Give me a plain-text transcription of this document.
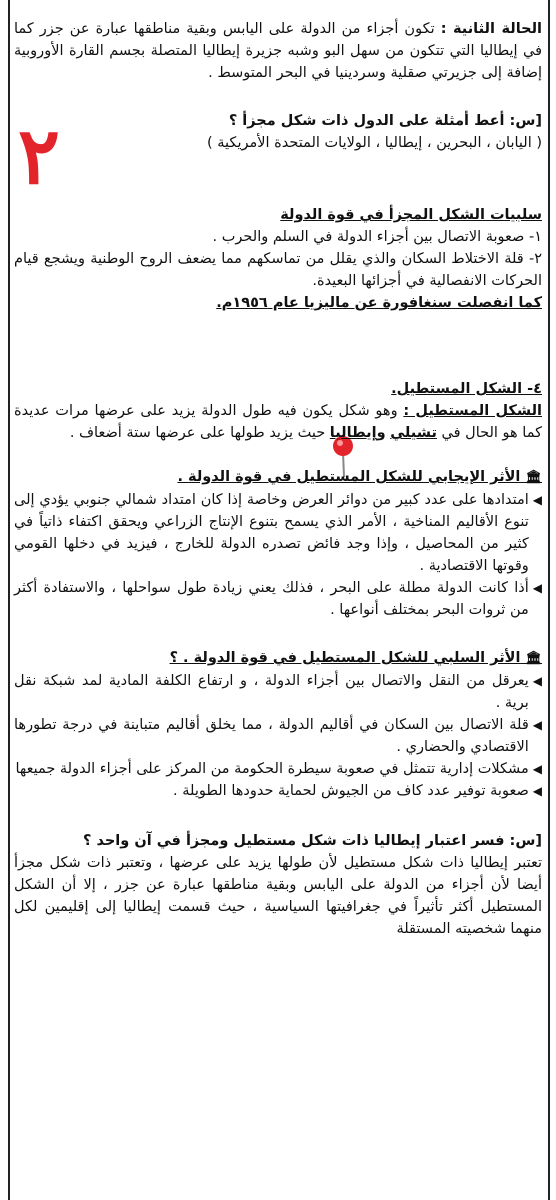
٢

الحالة الثانية : تكون أجزاء من الدولة على اليابس وبقية مناطقها عبارة عن جزر كما في إيطاليا التي تتكون من سهل البو وشبه جزيرة إيطاليا المتصلة بجسم القارة الأوروبية إضافة إلى جزيرتي صقلية وسردينيا في البحر المتوسط .

[س: أعط أمثلة على الدول ذات شكل مجزأ ؟

( اليابان ، البحرين ، إيطاليا ، الولايات المتحدة الأمريكية )

سلبيات الشكل المجزأ في قوة الدولة

١- صعوبة الاتصال بين أجزاء الدولة في السلم والحرب .

٢- قلة الاختلاط السكان والذي يقلل من تماسكهم مما يضعف الروح الوطنية ويشجع قيام الحركات الانفصالية في أجزائها البعيدة.

كما انفصلت سنغافورة عن ماليزيا عام ١٩٥٦م.

٤- الشكل المستطيل.

الشكل المستطيل : وهو شكل يكون فيه طول الدولة يزيد على عرضها مرات عديدة كما هو الحال في تشيلي وإيطاليا حيث يزيد طولها على عرضها ستة أضعاف .

🏛 الأثر الإيجابي للشكل المستطيل في قوة الدولة .

◀
امتدادها على عدد كبير من دوائر العرض وخاصة إذا كان امتداد شمالي جنوبي يؤدي إلى تنوع الأقاليم المناخية ، الأمر الذي يسمح بتنوع الإنتاج الزراعي ويحقق اكتفاء ذاتياً في كثير من المحاصيل ، وإذا وجد فائض تصدره الدولة للخارج ، فيزيد في دخلها القومي وقوتها الاقتصادية .
◀
أذا كانت الدولة مطلة على البحر ، فذلك يعني زيادة طول سواحلها ، والاستفادة أكثر من ثروات البحر بمختلف أنواعها .

🏛 الأثر السلبي للشكل المستطيل في قوة الدولة . ؟

◀
يعرقل من النقل والاتصال بين أجزاء الدولة ، و ارتفاع الكلفة المادية لمد شبكة نقل برية .
◀
قلة الاتصال بين السكان في أقاليم الدولة ، مما يخلق أقاليم متباينة في درجة تطورها الاقتصادي والحضاري .
◀
مشكلات إدارية تتمثل في صعوبة سيطرة الحكومة من المركز على أجزاء الدولة جميعها
◀
صعوبة توفير عدد كاف من الجيوش لحماية حدودها الطويلة .

[س: فسر اعتبار إيطاليا ذات شكل مستطيل ومجزأ في آن واحد ؟

تعتبر إيطاليا ذات شكل مستطيل لأن طولها يزيد على عرضها ، وتعتبر ذات شكل مجزأ أيضا لأن أجزاء من الدولة على اليابس وبقية مناطقها عبارة عن جزر ، إلا أن الشكل المستطيل أكثر تأثيراً في جغرافيتها السياسية ، حيث قسمت إيطاليا إلى إقليمين لكل منهما شخصيته المستقلة
